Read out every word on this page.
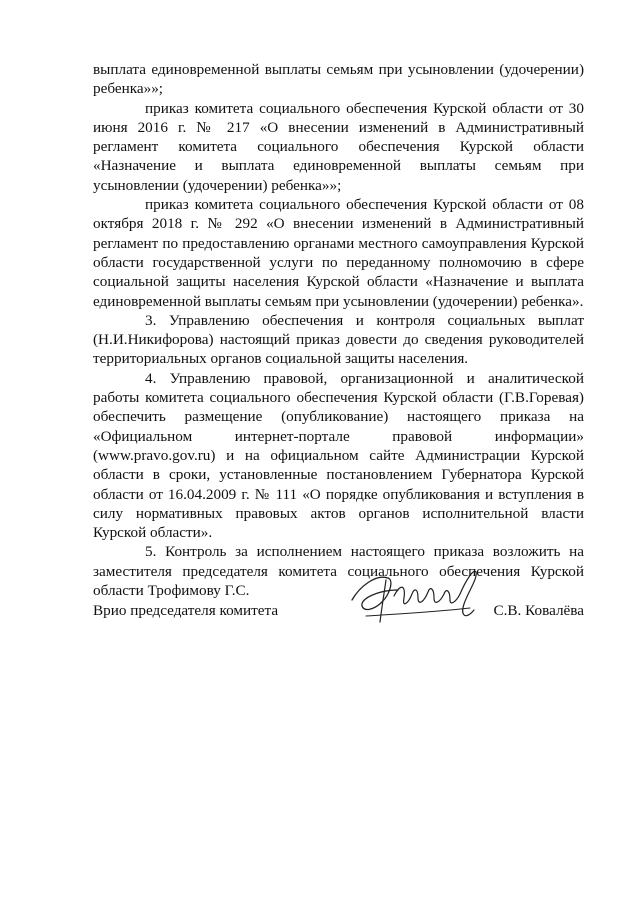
выплата единовременной выплаты семьям при усыновлении (удочерении) ребенка»»;

приказ комитета социального обеспечения Курской области от 30 июня 2016 г. № 217 «О внесении изменений в Административный регламент комитета социального обеспечения Курской области «Назначение и выплата единовременной выплаты семьям при усыновлении (удочерении) ребенка»»;

приказ комитета социального обеспечения Курской области от 08 октября 2018 г. № 292 «О внесении изменений в Административный регламент по предоставлению органами местного самоуправления Курской области государственной услуги по переданному полномочию в сфере социальной защиты населения Курской области «Назначение и выплата единовременной выплаты семьям при усыновлении (удочерении) ребенка».

3. Управлению обеспечения и контроля социальных выплат (Н.И.Никифорова) настоящий приказ довести до сведения руководителей территориальных органов социальной защиты населения.

4. Управлению правовой, организационной и аналитической работы комитета социального обеспечения Курской области (Г.В.Горевая) обеспечить размещение (опубликование) настоящего приказа на «Официальном интернет-портале правовой информации» (www.pravo.gov.ru) и на официальном сайте Администрации Курской области в сроки, установленные постановлением Губернатора Курской области от 16.04.2009 г. № 111 «О порядке опубликования и вступления в силу нормативных правовых актов органов исполнительной власти Курской области».

5. Контроль за исполнением настоящего приказа возложить на заместителя председателя комитета социального обеспечения Курской области Трофимову Г.С.

Врио председателя комитета	С.В. Ковалёва
